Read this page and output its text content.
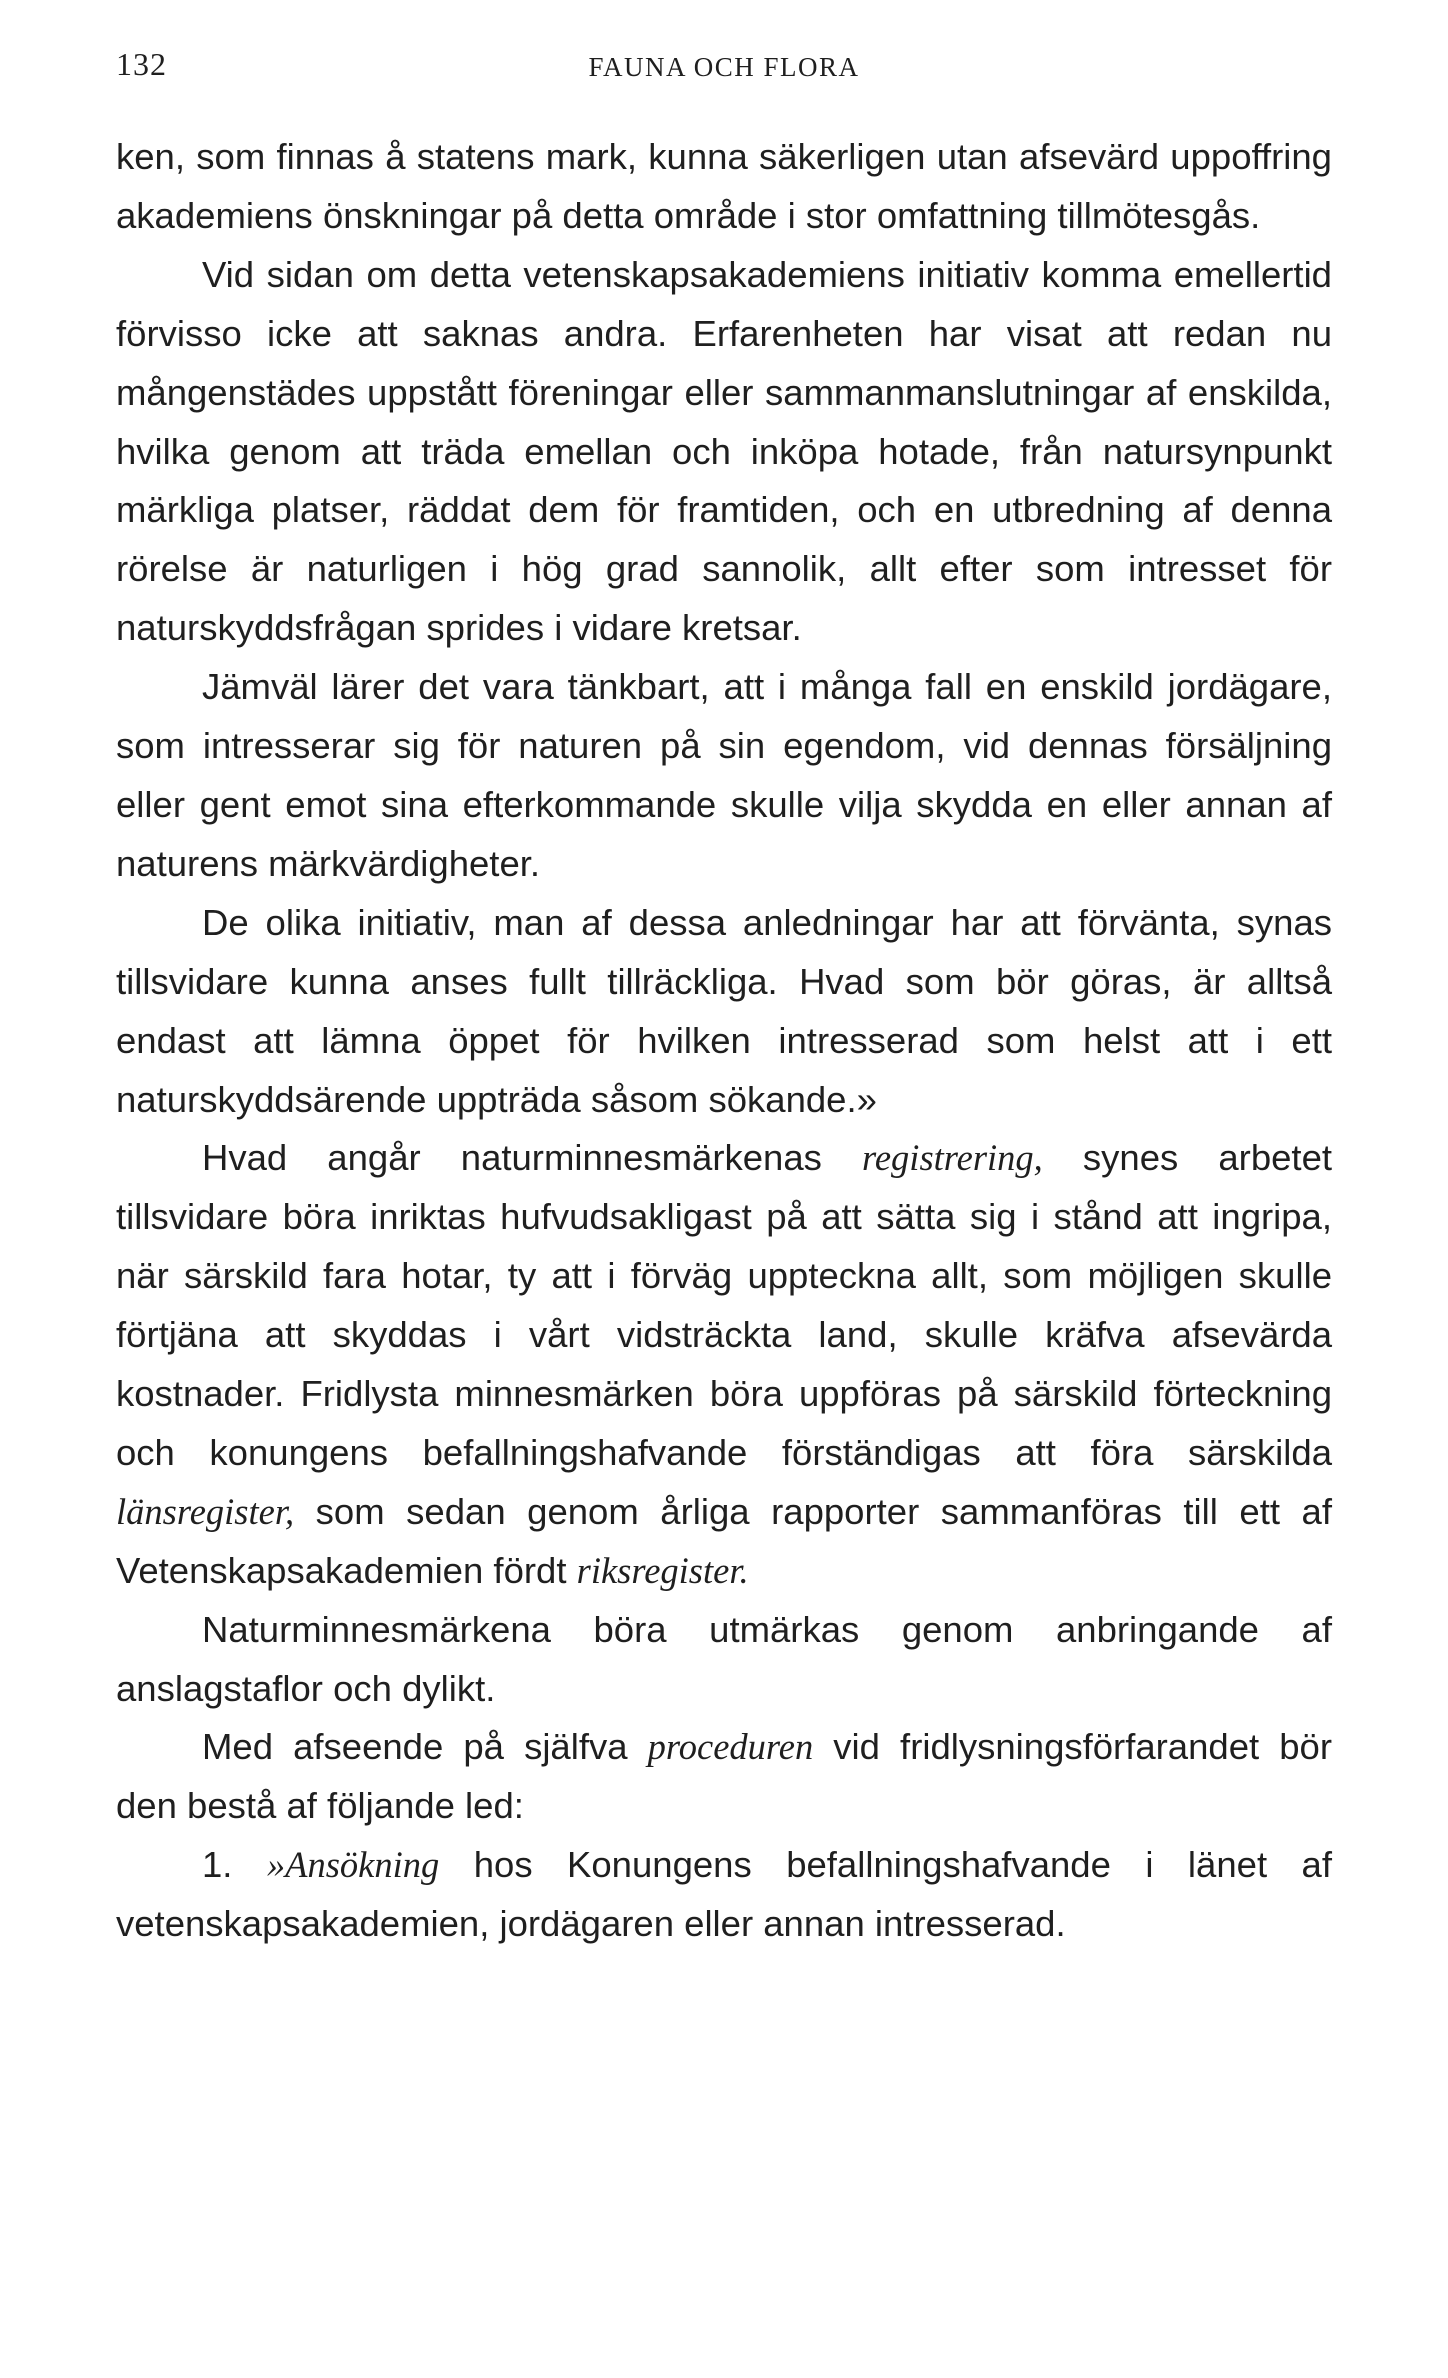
132	FAUNA OCH FLORA

ken, som finnas å statens mark, kunna säkerligen utan afsevärd uppoffring akademiens önskningar på detta område i stor omfattning tillmötesgås.

Vid sidan om detta vetenskapsakademiens initiativ komma emellertid förvisso icke att saknas andra. Erfarenheten har visat att redan nu mångenstädes uppstått föreningar eller sammanmanslutningar af enskilda, hvilka genom att träda emellan och inköpa hotade, från natursynpunkt märkliga platser, räddat dem för framtiden, och en utbredning af denna rörelse är naturligen i hög grad sannolik, allt efter som intresset för naturskyddsfrågan sprides i vidare kretsar.

Jämväl lärer det vara tänkbart, att i många fall en enskild jordägare, som intresserar sig för naturen på sin egendom, vid dennas försäljning eller gent emot sina efterkommande skulle vilja skydda en eller annan af naturens märkvärdigheter.

De olika initiativ, man af dessa anledningar har att förvänta, synas tillsvidare kunna anses fullt tillräckliga. Hvad som bör göras, är alltså endast att lämna öppet för hvilken intresserad som helst att i ett naturskyddsärende uppträda såsom sökande.»

Hvad angår naturminnesmärkenas registrering, synes arbetet tillsvidare böra inriktas hufvudsakligast på att sätta sig i stånd att ingripa, när särskild fara hotar, ty att i förväg uppteckna allt, som möjligen skulle förtjäna att skyddas i vårt vidsträckta land, skulle kräfva afsevärda kostnader. Fridlysta minnesmärken böra uppföras på särskild förteckning och konungens befallningshafvande förständigas att föra särskilda länsregister, som sedan genom årliga rapporter sammanföras till ett af Vetenskapsakademien fördt riksregister.

Naturminnesmärkena böra utmärkas genom anbringande af anslagstaflor och dylikt.

Med afseende på själfva proceduren vid fridlysningsförfarandet bör den bestå af följande led:

1. »Ansökning hos Konungens befallningshafvande i länet af vetenskapsakademien, jordägaren eller annan intresserad.
